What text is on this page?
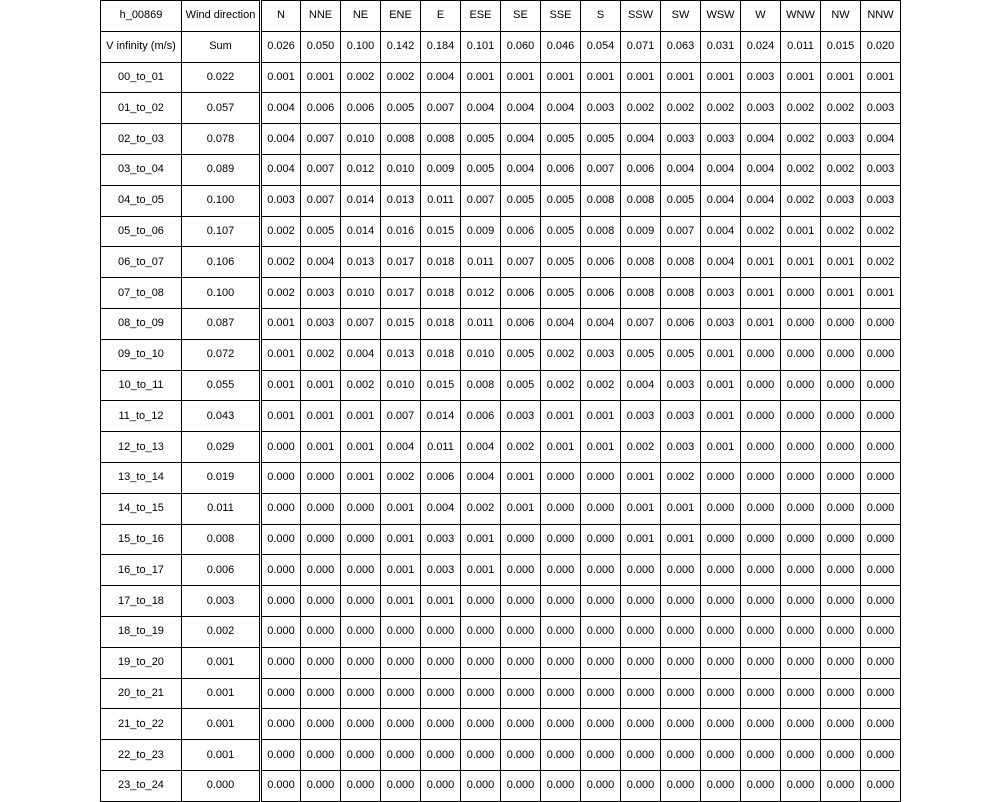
h_00869	Wind direction	N	NNE	NE	ENE	E	ESE	SE	SSE	S	SSW	SW	WSW	W	WNW	NW	NNW
V infinity (m/s)	Sum	0.026	0.050	0.100	0.142	0.184	0.101	0.060	0.046	0.054	0.071	0.063	0.031	0.024	0.011	0.015	0.020
00_to_01	0.022	0.001	0.001	0.002	0.002	0.004	0.001	0.001	0.001	0.001	0.001	0.001	0.001	0.003	0.001	0.001	0.001
01_to_02	0.057	0.004	0.006	0.006	0.005	0.007	0.004	0.004	0.004	0.003	0.002	0.002	0.002	0.003	0.002	0.002	0.003
02_to_03	0.078	0.004	0.007	0.010	0.008	0.008	0.005	0.004	0.005	0.005	0.004	0.003	0.003	0.004	0.002	0.003	0.004
03_to_04	0.089	0.004	0.007	0.012	0.010	0.009	0.005	0.004	0.006	0.007	0.006	0.004	0.004	0.004	0.002	0.002	0.003
04_to_05	0.100	0.003	0.007	0.014	0.013	0.011	0.007	0.005	0.005	0.008	0.008	0.005	0.004	0.004	0.002	0.003	0.003
05_to_06	0.107	0.002	0.005	0.014	0.016	0.015	0.009	0.006	0.005	0.008	0.009	0.007	0.004	0.002	0.001	0.002	0.002
06_to_07	0.106	0.002	0.004	0.013	0.017	0.018	0.011	0.007	0.005	0.006	0.008	0.008	0.004	0.001	0.001	0.001	0.002
07_to_08	0.100	0.002	0.003	0.010	0.017	0.018	0.012	0.006	0.005	0.006	0.008	0.008	0.003	0.001	0.000	0.001	0.001
08_to_09	0.087	0.001	0.003	0.007	0.015	0.018	0.011	0.006	0.004	0.004	0.007	0.006	0.003	0.001	0.000	0.000	0.000
09_to_10	0.072	0.001	0.002	0.004	0.013	0.018	0.010	0.005	0.002	0.003	0.005	0.005	0.001	0.000	0.000	0.000	0.000
10_to_11	0.055	0.001	0.001	0.002	0.010	0.015	0.008	0.005	0.002	0.002	0.004	0.003	0.001	0.000	0.000	0.000	0.000
11_to_12	0.043	0.001	0.001	0.001	0.007	0.014	0.006	0.003	0.001	0.001	0.003	0.003	0.001	0.000	0.000	0.000	0.000
12_to_13	0.029	0.000	0.001	0.001	0.004	0.011	0.004	0.002	0.001	0.001	0.002	0.003	0.001	0.000	0.000	0.000	0.000
13_to_14	0.019	0.000	0.000	0.001	0.002	0.006	0.004	0.001	0.000	0.000	0.001	0.002	0.000	0.000	0.000	0.000	0.000
14_to_15	0.011	0.000	0.000	0.000	0.001	0.004	0.002	0.001	0.000	0.000	0.001	0.001	0.000	0.000	0.000	0.000	0.000
15_to_16	0.008	0.000	0.000	0.000	0.001	0.003	0.001	0.000	0.000	0.000	0.001	0.001	0.000	0.000	0.000	0.000	0.000
16_to_17	0.006	0.000	0.000	0.000	0.001	0.003	0.001	0.000	0.000	0.000	0.000	0.000	0.000	0.000	0.000	0.000	0.000
17_to_18	0.003	0.000	0.000	0.000	0.001	0.001	0.000	0.000	0.000	0.000	0.000	0.000	0.000	0.000	0.000	0.000	0.000
18_to_19	0.002	0.000	0.000	0.000	0.000	0.000	0.000	0.000	0.000	0.000	0.000	0.000	0.000	0.000	0.000	0.000	0.000
19_to_20	0.001	0.000	0.000	0.000	0.000	0.000	0.000	0.000	0.000	0.000	0.000	0.000	0.000	0.000	0.000	0.000	0.000
20_to_21	0.001	0.000	0.000	0.000	0.000	0.000	0.000	0.000	0.000	0.000	0.000	0.000	0.000	0.000	0.000	0.000	0.000
21_to_22	0.001	0.000	0.000	0.000	0.000	0.000	0.000	0.000	0.000	0.000	0.000	0.000	0.000	0.000	0.000	0.000	0.000
22_to_23	0.001	0.000	0.000	0.000	0.000	0.000	0.000	0.000	0.000	0.000	0.000	0.000	0.000	0.000	0.000	0.000	0.000
23_to_24	0.000	0.000	0.000	0.000	0.000	0.000	0.000	0.000	0.000	0.000	0.000	0.000	0.000	0.000	0.000	0.000	0.000
